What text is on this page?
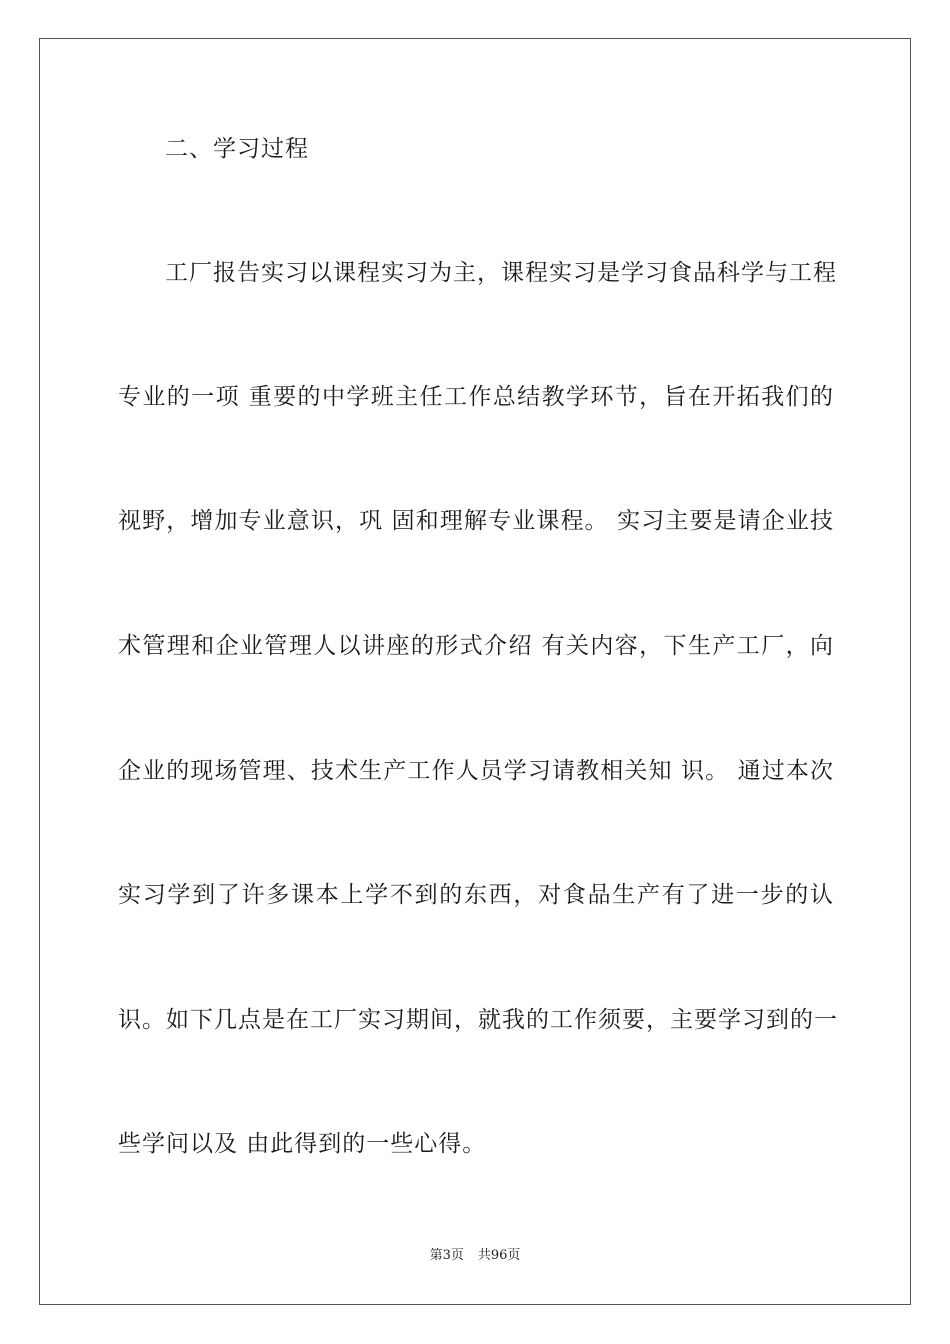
二、学习过程
工厂报告实习以课程实习为主，课程实习是学习食品科学与工程
专业的一项 重要的中学班主任工作总结教学环节，旨在开拓我们的
视野，增加专业意识，巩 固和理解专业课程。 实习主要是请企业技
术管理和企业管理人以讲座的形式介绍 有关内容，下生产工厂，向
企业的现场管理、技术生产工作人员学习请教相关知 识。 通过本次
实习学到了许多课本上学不到的东西，对食品生产有了进一步的认
识。如下几点是在工厂实习期间，就我的工作须要，主要学习到的一
些学问以及 由此得到的一些心得。
第3页 共96页
